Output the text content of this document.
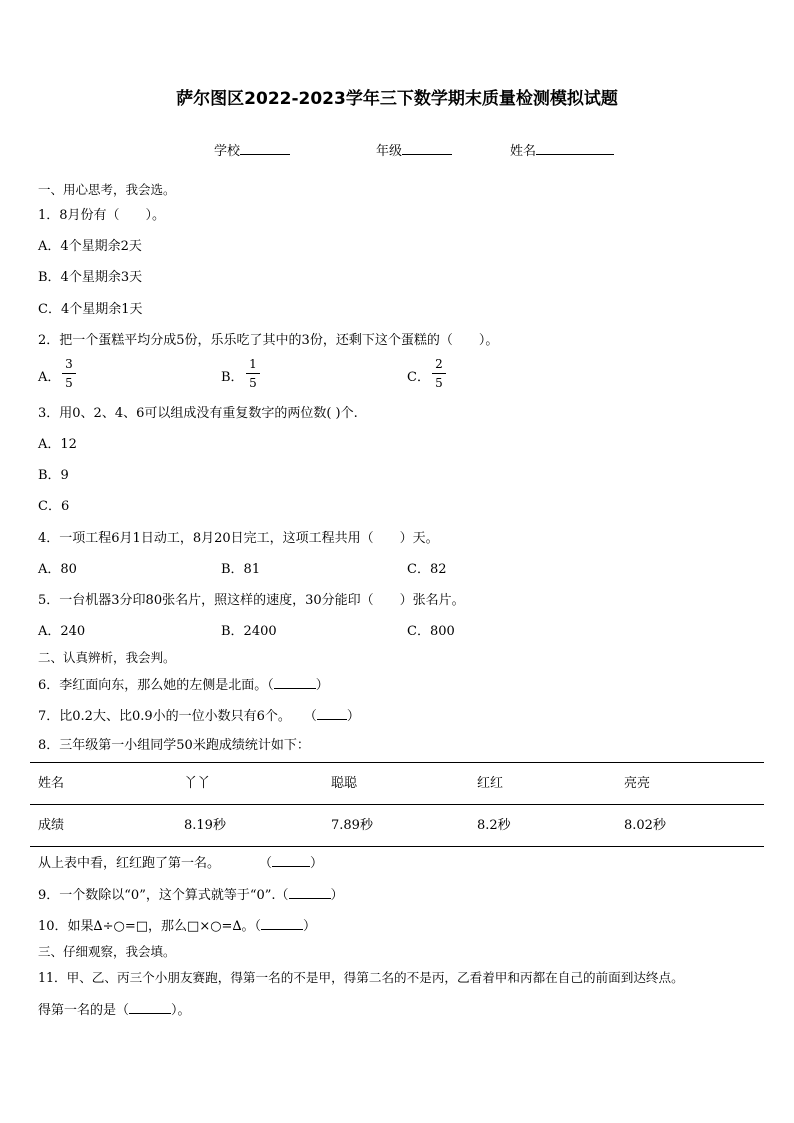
萨尔图区2022-2023学年三下数学期末质量检测模拟试题
学校	年级	姓名
一、用心思考，我会选。
1．8月份有（　　）。
A．4个星期余2天
B．4个星期余3天
C．4个星期余1天
2．把一个蛋糕平均分成5份，乐乐吃了其中的3份，还剩下这个蛋糕的（　　）。
A．
3
5	B．
1
5	C．
2
5
3．用0、2、4、6可以组成没有重复数字的两位数( )个.
A．12
B．9
C．6
4．一项工程6月1日动工，8月20日完工，这项工程共用（　　）天。
A．80	B．81	C．82
5．一台机器3分印80张名片，照这样的速度，30分能印（　　）张名片。
A．240	B．2400	C．800
二、认真辨析，我会判。
6．李红面向东，那么她的左侧是北面。（	）
7．比0.2大、比0.9小的一位小数只有6个。　　（ ）
8．三年级第一小组同学50米跑成绩统计如下：
姓名	丫丫	聪聪	红红	亮亮
成绩	8.19秒	7.89秒	8.2秒	8.02秒
从上表中看，红红跑了第一名。　　　　（	）
9．一个数除以“0”，这个算式就等于“0”.（	）
10．如果∆÷○=□，那么□×○=∆。（	）
三、仔细观察，我会填。
11．甲、乙、丙三个小朋友赛跑，得第一名的不是甲，得第二名的不是丙，乙看着甲和丙都在自己的前面到达终点。
得第一名的是（	）。
